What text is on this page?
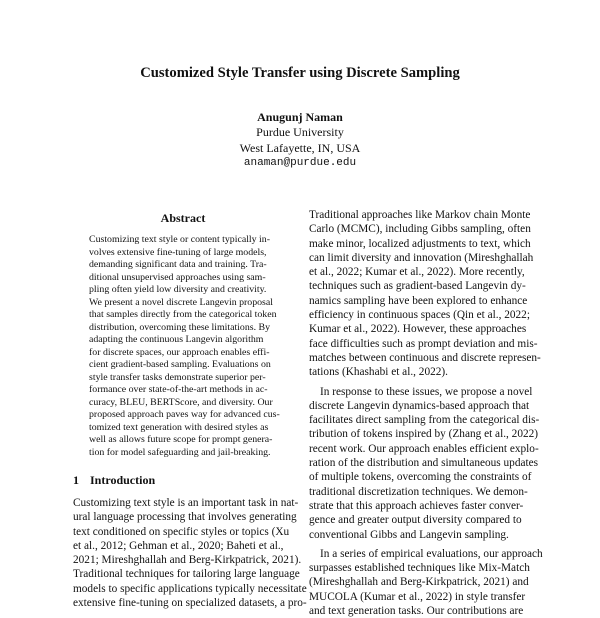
Customized Style Transfer using Discrete Sampling
Anugunj Naman
Purdue University
West Lafayette, IN, USA
anaman@purdue.edu
Abstract
Customizing text style or content typically in-
volves extensive fine-tuning of large models,
demanding significant data and training. Tra-
ditional unsupervised approaches using sam-
pling often yield low diversity and creativity.
We present a novel discrete Langevin proposal
that samples directly from the categorical token
distribution, overcoming these limitations. By
adapting the continuous Langevin algorithm
for discrete spaces, our approach enables effi-
cient gradient-based sampling. Evaluations on
style transfer tasks demonstrate superior per-
formance over state-of-the-art methods in ac-
curacy, BLEU, BERTScore, and diversity. Our
proposed approach paves way for advanced cus-
tomized text generation with desired styles as
well as allows future scope for prompt genera-
tion for model safeguarding and jail-breaking.
1 Introduction
Customizing text style is an important task in nat-
ural language processing that involves generating
text conditioned on specific styles or topics (Xu
et al., 2012; Gehman et al., 2020; Baheti et al.,
2021; Mireshghallah and Berg-Kirkpatrick, 2021).
Traditional techniques for tailoring large language
models to specific applications typically necessitate
extensive fine-tuning on specialized datasets, a pro-
Traditional approaches like Markov chain Monte
Carlo (MCMC), including Gibbs sampling, often
make minor, localized adjustments to text, which
can limit diversity and innovation (Mireshghallah
et al., 2022; Kumar et al., 2022). More recently,
techniques such as gradient-based Langevin dy-
namics sampling have been explored to enhance
efficiency in continuous spaces (Qin et al., 2022;
Kumar et al., 2022). However, these approaches
face difficulties such as prompt deviation and mis-
matches between continuous and discrete represen-
tations (Khashabi et al., 2022).
In response to these issues, we propose a novel
discrete Langevin dynamics-based approach that
facilitates direct sampling from the categorical dis-
tribution of tokens inspired by (Zhang et al., 2022)
recent work. Our approach enables efficient explo-
ration of the distribution and simultaneous updates
of multiple tokens, overcoming the constraints of
traditional discretization techniques. We demon-
strate that this approach achieves faster conver-
gence and greater output diversity compared to
conventional Gibbs and Langevin sampling.
In a series of empirical evaluations, our approach
surpasses established techniques like Mix-Match
(Mireshghallah and Berg-Kirkpatrick, 2021) and
MUCOLA (Kumar et al., 2022) in style transfer
and text generation tasks. Our contributions are
